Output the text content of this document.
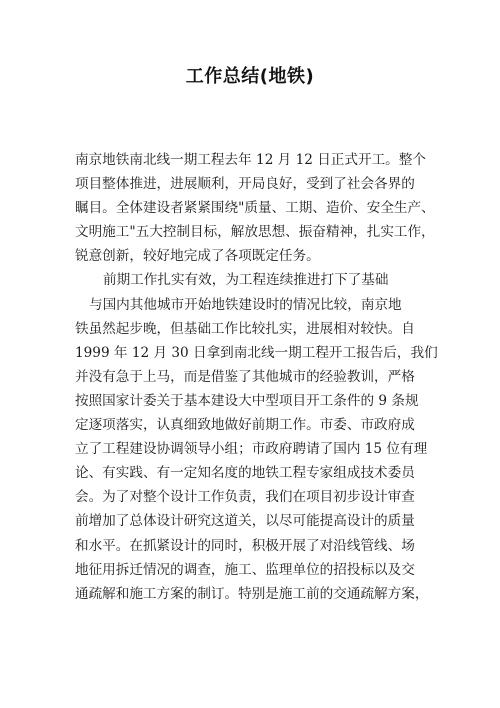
工作总结(地铁)
南京地铁南北线一期工程去年 12 月 12 日正式开工。整个
项目整体推进，进展顺利，开局良好，受到了社会各界的
瞩目。全体建设者紧紧围绕"质量、工期、造价、安全生产、
文明施工"五大控制目标，解放思想、振奋精神，扎实工作，
锐意创新，较好地完成了各项既定任务。
前期工作扎实有效，为工程连续推进打下了基础
与国内其他城市开始地铁建设时的情况比较，南京地
铁虽然起步晚，但基础工作比较扎实，进展相对较快。自
1999 年 12 月 30 日拿到南北线一期工程开工报告后，我们
并没有急于上马，而是借鉴了其他城市的经验教训，严格
按照国家计委关于基本建设大中型项目开工条件的 9 条规
定逐项落实，认真细致地做好前期工作。市委、市政府成
立了工程建设协调领导小组；市政府聘请了国内 15 位有理
论、有实践、有一定知名度的地铁工程专家组成技术委员
会。为了对整个设计工作负责，我们在项目初步设计审查
前增加了总体设计研究这道关，以尽可能提高设计的质量
和水平。在抓紧设计的同时，积极开展了对沿线管线、场
地征用拆迁情况的调查，施工、监理单位的招投标以及交
通疏解和施工方案的制订。特别是施工前的交通疏解方案，
